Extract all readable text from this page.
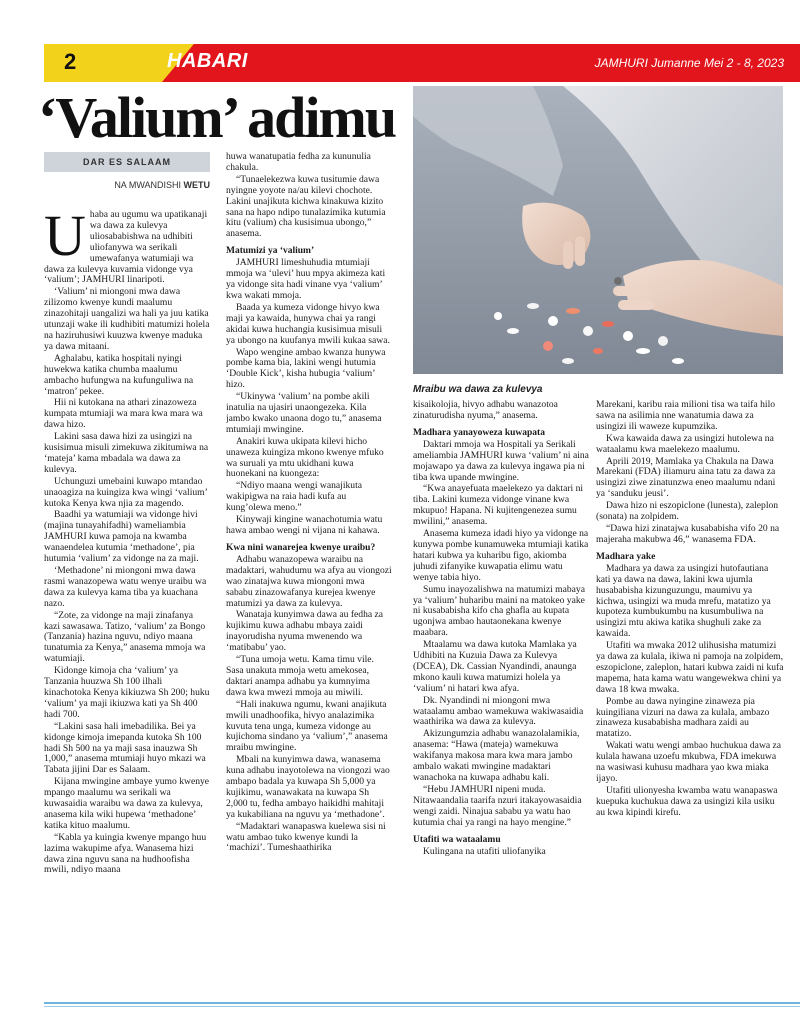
2	HABARI	JAMHURI Jumanne Mei 2 - 8, 2023
‘Valium’ adimu
Mraibu wa dawa za kulevya
DAR ES SALAAM
NA MWANDISHI WETU
U haba au ugumu wa upatikanaji wa dawa za kulevya uliosababishwa na udhibiti uliofanywa wa serikali umewafanya watumiaji wa dawa za kulevya kuvamia vidonge vya ‘valium’; JAMHURI linaripoti.

‘Valium’ ni miongoni mwa dawa zilizomo kwenye kundi maalumu zinazohitaji uangalizi wa hali ya juu katika utunzaji wake ili kudhibiti matumizi holela na haziruhusiwi kuuzwa kwenye maduka ya dawa mitaani.

Aghalabu, katika hospitali nyingi huwekwa katika chumba maalumu ambacho hufungwa na kufunguliwa na ‘matron’ pekee.

Hii ni kutokana na athari zinazoweza kumpata mtumiaji wa mara kwa mara wa dawa hizo.

Lakini sasa dawa hizi za usingizi na kusisimua misuli zimekuwa zikitumiwa na ‘mateja’ kama mbadala wa dawa za kulevya.

Uchunguzi umebaini kuwapo mtandao unaoagiza na kuingiza kwa wingi ‘valium’ kutoka Kenya kwa njia za magendo.

Baadhi ya watumiaji wa vidonge hivi (majina tunayahifadhi) wameliambia JAMHURI kuwa pamoja na kwamba wanaendelea kutumia ‘methadone’, pia hutumia ‘valium’ za vidonge na za maji.

‘Methadone’ ni miongoni mwa dawa rasmi wanazopewa watu wenye uraibu wa dawa za kulevya kama tiba ya kuachana nazo.

“Zote, za vidonge na maji zinafanya kazi sawasawa. Tatizo, ‘valium’ za Bongo (Tanzania) hazina nguvu, ndiyo maana tunatumia za Kenya,” anasema mmoja wa watumiaji.

Kidonge kimoja cha ‘valium’ ya Tanzania huuzwa Sh 100 ilhali kinachotoka Kenya kikiuzwa Sh 200; huku ‘valium’ ya maji ikiuzwa kati ya Sh 400 hadi 700.

“Lakini sasa hali imebadilika. Bei ya kidonge kimoja imepanda kutoka Sh 100 hadi Sh 500 na ya maji sasa inauzwa Sh 1,000,” anasema mtumiaji huyo mkazi wa Tabata jijini Dar es Salaam.

Kijana mwingine ambaye yumo kwenye mpango maalumu wa serikali wa kuwasaidia waraibu wa dawa za kulevya, anasema kila wiki hupewa ‘methadone’ katika kituo maalumu.

“Kabla ya kuingia kwenye mpango huu lazima wakupime afya. Wanasema hizi dawa zina nguvu sana na hudhoofisha mwili, ndiyo maana

huwa wanatupatia fedha za kununulia chakula.

“Tunaelekezwa kuwa tusitumie dawa nyingne yoyote na/au kilevi chochote. Lakini unajikuta kichwa kinakuwa kizito sana na hapo ndipo tunalazimika kutumia kitu (valium) cha kusisimua ubongo,” anasema.

Matumizi ya ‘valium’

JAMHURI limeshuhudia mtumiaji mmoja wa ‘ulevi’ huu mpya akimeza kati ya vidonge sita hadi vinane vya ‘valium’ kwa wakati mmoja.

Baada ya kumeza vidonge hivyo kwa maji ya kawaida, hunywa chai ya rangi akidai kuwa huchangia kusisimua misuli ya ubongo na kuufanya mwili kukaa sawa.

Wapo wengine ambao kwanza hunywa pombe kama bia, lakini wengi hutumia ‘Double Kick’, kisha hubugia ‘valium’ hizo.

“Ukinywa ‘valium’ na pombe akili inatulia na ujasiri unaongezeka. Kila jambo kwako unaona dogo tu,” anasema mtumiaji mwingine.

Anakiri kuwa ukipata kilevi hicho unaweza kuingiza mkono kwenye mfuko wa suruali ya mtu ukidhani kuwa huonekani na kuongeza:

“Ndiyo maana wengi wanajikuta wakipigwa na raia hadi kufa au kung’olewa meno.”

Kinywaji kingine wanachotumia watu hawa ambao wengi ni vijana ni kahawa.

Kwa nini wanarejea kwenye uraibu?

Adhabu wanazopewa waraibu na madaktari, wahudumu wa afya au viongozi wao zinatajwa kuwa miongoni mwa sababu zinazowafanya kurejea kwenye matumizi ya dawa za kulevya.

Wanataja kunyimwa dawa au fedha za kujikimu kuwa adhabu mbaya zaidi inayorudisha nyuma mwenendo wa ‘matibabu’ yao.

“Tuna umoja wetu. Kama timu vile. Sasa unakuta mmoja wetu amekosea, daktari anampa adhabu ya kumnyima dawa kwa mwezi mmoja au miwili.

“Hali inakuwa ngumu, kwani anajikuta mwili unadhoofika, hivyo analazimika kuvuta tena unga, kumeza vidonge au kujichoma sindano ya ‘valium’,” anasema mraibu mwingine.

Mbali na kunyimwa dawa, wanasema kuna adhabu inayotolewa na viongozi wao ambapo badala ya kuwapa Sh 5,000 ya kujikimu, wanawakata na kuwapa Sh 2,000 tu, fedha ambayo haikidhi mahitaji ya kukabiliana na nguvu ya ‘methadone’.

“Madaktari wanapaswa kuelewa sisi ni watu ambao tuko kwenye kundi la ‘machizi’. Tumeshaathirika

kisaikolojia, hivyo adhabu wanazotoa zinaturudisha nyuma,” anasema.

Madhara yanayoweza kuwapata

Daktari mmoja wa Hospitali ya Serikali ameliambia JAMHURI kuwa ‘valium’ ni aina mojawapo ya dawa za kulevya ingawa pia ni tiba kwa upande mwingine.

“Kwa anayefuata maelekezo ya daktari ni tiba. Lakini kumeza vidonge vinane kwa mkupuo! Hapana. Ni kujitengenezea sumu mwilini,” anasema.

Anasema kumeza idadi hiyo ya vidonge na kunywa pombe kunamuweka mtumiaji katika hatari kubwa ya kuharibu figo, akiomba juhudi zifanyike kuwapatia elimu watu wenye tabia hiyo.

Sumu inayozalishwa na matumizi mabaya ya ‘valium’ huharibu maini na matokeo yake ni kusababisha kifo cha ghafla au kupata ugonjwa ambao hautaonekana kwenye maabara.

Mtaalamu wa dawa kutoka Mamlaka ya Udhibiti na Kuzuia Dawa za Kulevya (DCEA), Dk. Cassian Nyandindi, anaunga mkono kauli kuwa matumizi holela ya ‘valium’ ni hatari kwa afya.

Dk. Nyandindi ni miongoni mwa wataalamu ambao wamekuwa wakiwasaidia waathirika wa dawa za kulevya.

Akizungumzia adhabu wanazolalamikia, anasema: “Hawa (mateja) wamekuwa wakifanya makosa mara kwa mara jambo ambalo wakati mwingine madaktari wanachoka na kuwapa adhabu kali.

“Hebu JAMHURI nipeni muda. Nitawaandalia taarifa nzuri itakayowasaidia wengi zaidi. Ninajua sababu ya watu hao kutumia chai ya rangi na hayo mengine.”

Utafiti wa wataalamu

Kulingana na utafiti uliofanyika

Marekani, karibu raia milioni tisa wa taifa hilo sawa na asilimia nne wanatumia dawa za usingizi ili waweze kupumzika.

Kwa kawaida dawa za usingizi hutolewa na wataalamu kwa maelekezo maalumu.

Aprili 2019, Mamlaka ya Chakula na Dawa Marekani (FDA) iliamuru aina tatu za dawa za usingizi ziwe zinatunzwa eneo maalumu ndani ya ‘sanduku jeusi’.

Dawa hizo ni eszopiclone (lunesta), zaleplon (sonata) na zolpidem.

“Dawa hizi zinatajwa kusababisha vifo 20 na majeraha makubwa 46,” wanasema FDA.

Madhara yake

Madhara ya dawa za usingizi hutofautiana kati ya dawa na dawa, lakini kwa ujumla husababisha kizunguzungu, maumivu ya kichwa, usingizi wa muda mrefu, matatizo ya kupoteza kumbukumbu na kusumbuliwa na usingizi mtu akiwa katika shughuli zake za kawaida.

Utafiti wa mwaka 2012 ulihusisha matumizi ya dawa za kulala, ikiwa ni pamoja na zolpidem, eszopiclone, zaleplon, hatari kubwa zaidi ni kufa mapema, hata kama watu wangewekwa chini ya dawa 18 kwa mwaka.

Pombe au dawa nyingine zinaweza pia kuingiliana vizuri na dawa za kulala, ambazo zinaweza kusababisha madhara zaidi au matatizo.

Wakati watu wengi ambao huchukua dawa za kulala hawana uzoefu mkubwa, FDA imekuwa na wasiwasi kuhusu madhara yao kwa miaka ijayo.

Utafiti ulionyesha kwamba watu wanapaswa kuepuka kuchukua dawa za usingizi kila usiku au kwa kipindi kirefu.
